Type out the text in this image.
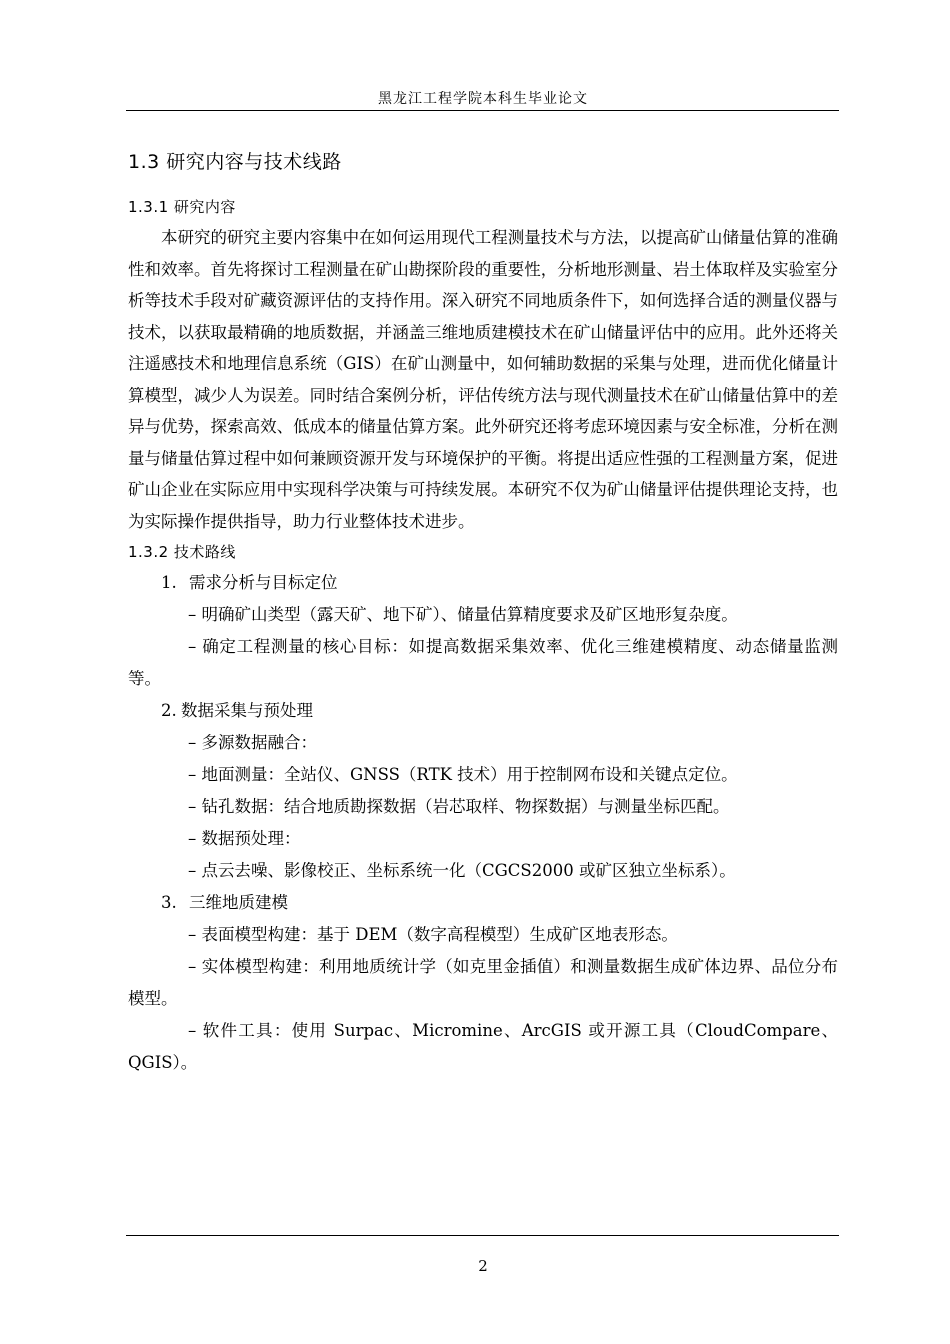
黑龙江工程学院本科生毕业论文
1.3 研究内容与技术线路
1.3.1 研究内容

本研究的研究主要内容集中在如何运用现代工程测量技术与方法，以提高矿山储量估算的准确性和效率。首先将探讨工程测量在矿山勘探阶段的重要性，分析地形测量、岩土体取样及实验室分析等技术手段对矿藏资源评估的支持作用。深入研究不同地质条件下，如何选择合适的测量仪器与技术，以获取最精确的地质数据，并涵盖三维地质建模技术在矿山储量评估中的应用。此外还将关注遥感技术和地理信息系统（GIS）在矿山测量中，如何辅助数据的采集与处理，进而优化储量计算模型，减少人为误差。同时结合案例分析，评估传统方法与现代测量技术在矿山储量估算中的差异与优势，探索高效、低成本的储量估算方案。此外研究还将考虑环境因素与安全标准，分析在测量与储量估算过程中如何兼顾资源开发与环境保护的平衡。将提出适应性强的工程测量方案，促进矿山企业在实际应用中实现科学决策与可持续发展。本研究不仅为矿山储量评估提供理论支持，也为实际操作提供指导，助力行业整体技术进步。

1.3.2 技术路线
1. 需求分析与目标定位

– 明确矿山类型（露天矿、地下矿）、储量估算精度要求及矿区地形复杂度。

– 确定工程测量的核心目标：如提高数据采集效率、优化三维建模精度、动态储量监测等。

2. 数据采集与预处理

– 多源数据融合：

– 地面测量：全站仪、GNSS（RTK 技术）用于控制网布设和关键点定位。

– 钻孔数据：结合地质勘探数据（岩芯取样、物探数据）与测量坐标匹配。

– 数据预处理：

– 点云去噪、影像校正、坐标系统一化（CGCS2000 或矿区独立坐标系）。

3. 三维地质建模

– 表面模型构建：基于 DEM（数字高程模型）生成矿区地表形态。

– 实体模型构建：利用地质统计学（如克里金插值）和测量数据生成矿体边界、品位分布模型。

– 软件工具：使用 Surpac、Micromine、ArcGIS 或开源工具（CloudCompare、QGIS）。

2
